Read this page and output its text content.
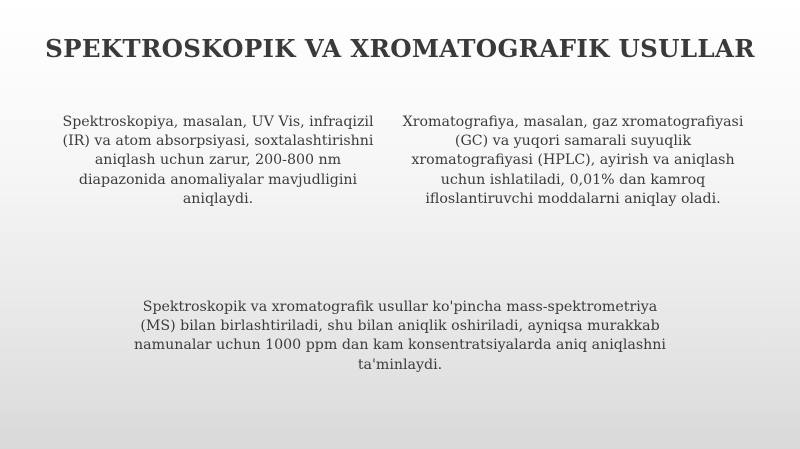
SPEKTROSKOPIK VA XROMATOGRAFIK USULLAR
Spektroskopiya, masalan, UV Vis, infraqizil (IR) va atom absorpsiyasi, soxtalashtirishni aniqlash uchun zarur, 200-800 nm diapazonida anomaliyalar mavjudligini aniqlaydi.
Xromatografiya, masalan, gaz xromatografiyasi (GC) va yuqori samarali suyuqlik xromatografiyasi (HPLC), ayirish va aniqlash uchun ishlatiladi, 0,01% dan kamroq ifloslantiruvchi moddalarni aniqlay oladi.
Spektroskopik va xromatografik usullar ko'pincha mass-spektrometriya (MS) bilan birlashtiriladi, shu bilan aniqlik oshiriladi, ayniqsa murakkab namunalar uchun 1000 ppm dan kam konsentratsiyalarda aniq aniqlashni ta'minlaydi.
